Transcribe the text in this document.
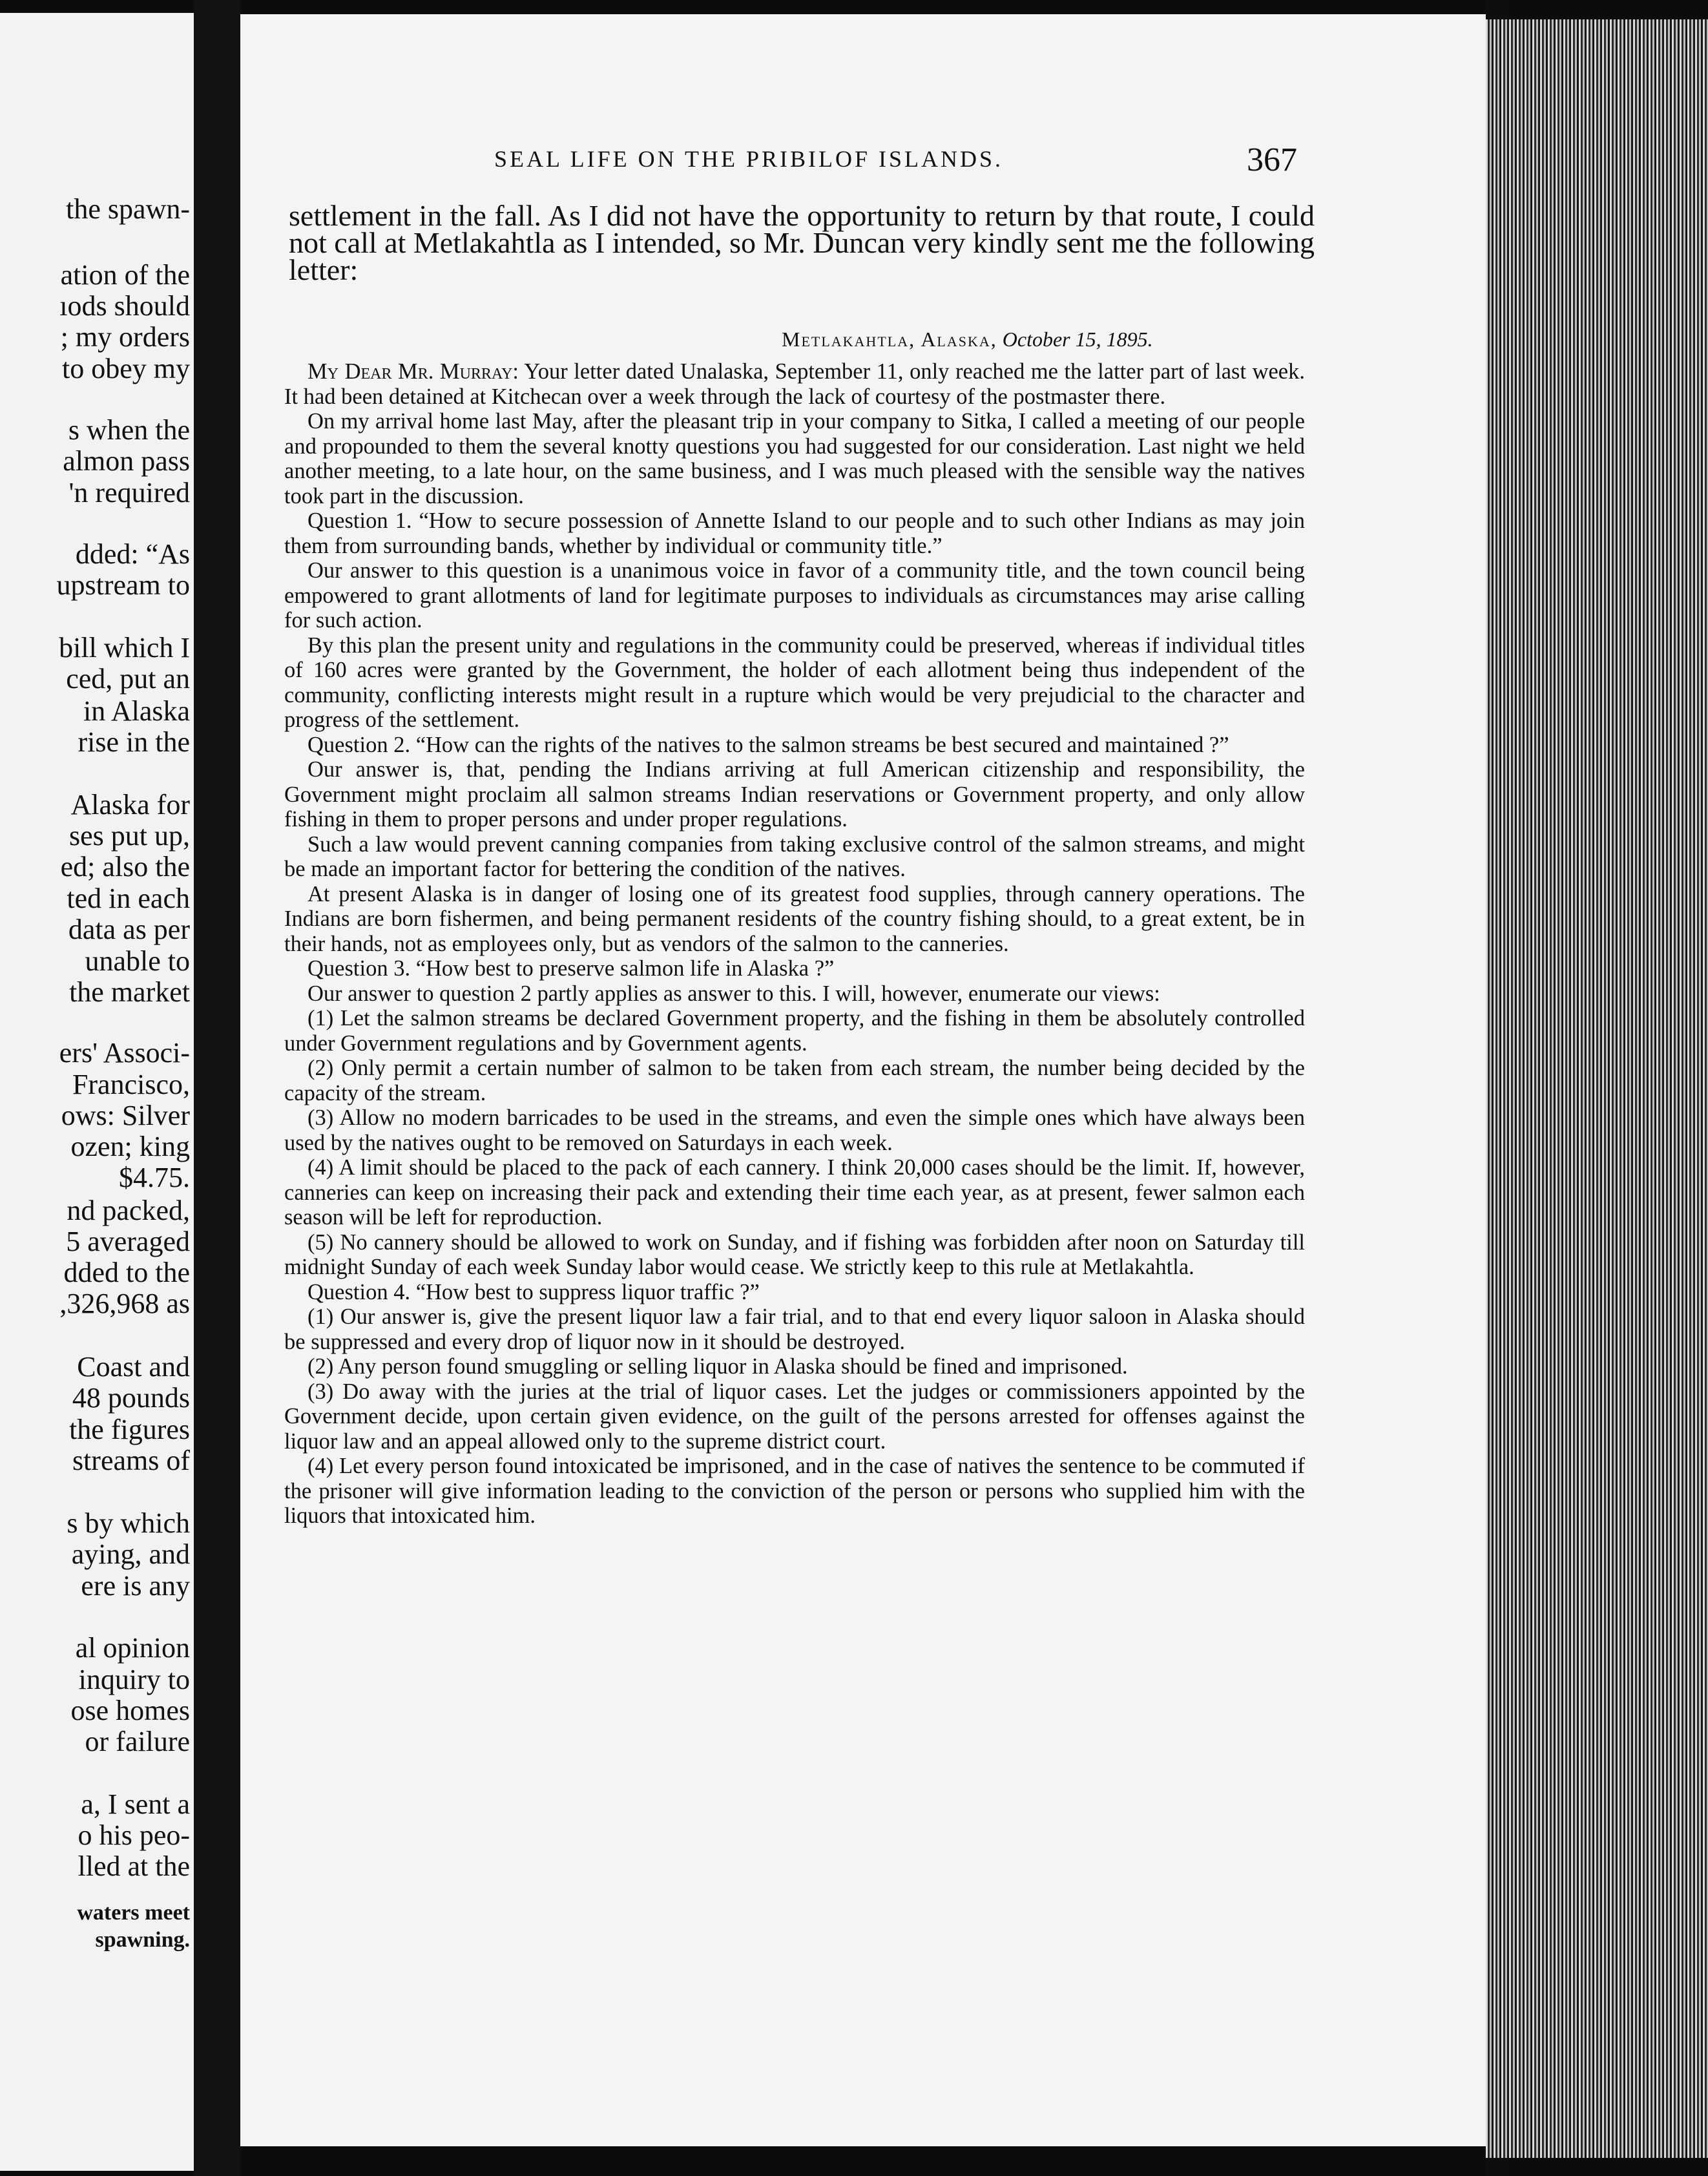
the spawn-
ation of the
ıods should
; my orders
to obey my
s when the
almon pass
'n required
dded: “As
upstream to
bill which I
ced, put an
in Alaska
rise in the
Alaska for
ses put up,
ed; also the
ted in each
data as per
unable to
the market
ers' Associ-
Francisco,
ows: Silver
ozen; king
$4.75.
nd packed,
5 averaged
dded to the
,326,968 as
Coast and
48 pounds
the figures
streams of
s by which
aying, and
ere is any
al opinion
inquiry to
ose homes
or failure
a, I sent a
o his peo-
lled at the
waters meet
spawning.
SEAL LIFE ON THE PRIBILOF ISLANDS.	367
settlement in the fall. As I did not have the opportunity to return by that route, I could not call at Metlakahtla as I intended, so Mr. Duncan very kindly sent me the following letter:
Metlakahtla, Alaska, October 15, 1895.

My Dear Mr. Murray: Your letter dated Unalaska, September 11, only reached me the latter part of last week. It had been detained at Kitchecan over a week through the lack of courtesy of the postmaster there.

On my arrival home last May, after the pleasant trip in your company to Sitka, I called a meeting of our people and propounded to them the several knotty questions you had suggested for our consideration. Last night we held another meeting, to a late hour, on the same business, and I was much pleased with the sensible way the natives took part in the discussion.

Question 1. “How to secure possession of Annette Island to our people and to such other Indians as may join them from surrounding bands, whether by individual or community title.”

Our answer to this question is a unanimous voice in favor of a community title, and the town council being empowered to grant allotments of land for legitimate purposes to individuals as circumstances may arise calling for such action.

By this plan the present unity and regulations in the community could be preserved, whereas if individual titles of 160 acres were granted by the Government, the holder of each allotment being thus independent of the community, conflicting interests might result in a rupture which would be very prejudicial to the character and progress of the settlement.

Question 2. “How can the rights of the natives to the salmon streams be best secured and maintained ?”

Our answer is, that, pending the Indians arriving at full American citizenship and responsibility, the Government might proclaim all salmon streams Indian reservations or Government property, and only allow fishing in them to proper persons and under proper regulations.

Such a law would prevent canning companies from taking exclusive control of the salmon streams, and might be made an important factor for bettering the condition of the natives.

At present Alaska is in danger of losing one of its greatest food supplies, through cannery operations. The Indians are born fishermen, and being permanent residents of the country fishing should, to a great extent, be in their hands, not as employees only, but as vendors of the salmon to the canneries.

Question 3. “How best to preserve salmon life in Alaska ?”

Our answer to question 2 partly applies as answer to this. I will, however, enumerate our views:

(1) Let the salmon streams be declared Government property, and the fishing in them be absolutely controlled under Government regulations and by Government agents.

(2) Only permit a certain number of salmon to be taken from each stream, the number being decided by the capacity of the stream.

(3) Allow no modern barricades to be used in the streams, and even the simple ones which have always been used by the natives ought to be removed on Saturdays in each week.

(4) A limit should be placed to the pack of each cannery. I think 20,000 cases should be the limit. If, however, canneries can keep on increasing their pack and extending their time each year, as at present, fewer salmon each season will be left for reproduction.

(5) No cannery should be allowed to work on Sunday, and if fishing was forbidden after noon on Saturday till midnight Sunday of each week Sunday labor would cease. We strictly keep to this rule at Metlakahtla.

Question 4. “How best to suppress liquor traffic ?”

(1) Our answer is, give the present liquor law a fair trial, and to that end every liquor saloon in Alaska should be suppressed and every drop of liquor now in it should be destroyed.

(2) Any person found smuggling or selling liquor in Alaska should be fined and imprisoned.

(3) Do away with the juries at the trial of liquor cases. Let the judges or commissioners appointed by the Government decide, upon certain given evidence, on the guilt of the persons arrested for offenses against the liquor law and an appeal allowed only to the supreme district court.

(4) Let every person found intoxicated be imprisoned, and in the case of natives the sentence to be commuted if the prisoner will give information leading to the conviction of the person or persons who supplied him with the liquors that intoxicated him.
